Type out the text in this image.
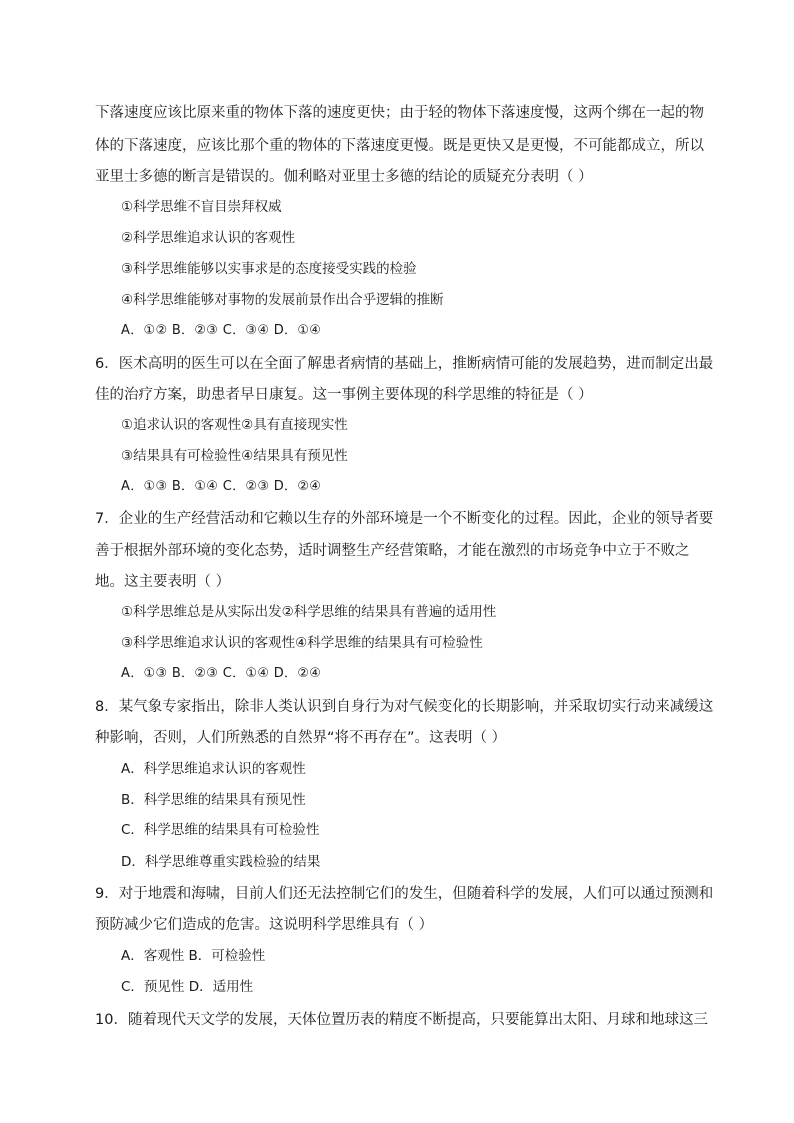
下落速度应该比原来重的物体下落的速度更快；由于轻的物体下落速度慢，这两个绑在一起的物
体的下落速度，应该比那个重的物体的下落速度更慢。既是更快又是更慢，不可能都成立，所以
亚里士多德的断言是错误的。伽利略对亚里士多德的结论的质疑充分表明（ ）
①科学思维不盲目崇拜权威
②科学思维追求认识的客观性
③科学思维能够以实事求是的态度接受实践的检验
④科学思维能够对事物的发展前景作出合乎逻辑的推断
A．①② B．②③ C．③④ D．①④
6．医术高明的医生可以在全面了解患者病情的基础上，推断病情可能的发展趋势，进而制定出最
佳的治疗方案，助患者早日康复。这一事例主要体现的科学思维的特征是（ ）
①追求认识的客观性②具有直接现实性
③结果具有可检验性④结果具有预见性
A．①③ B．①④ C．②③ D．②④
7．企业的生产经营活动和它赖以生存的外部环境是一个不断变化的过程。因此，企业的领导者要
善于根据外部环境的变化态势，适时调整生产经营策略，才能在激烈的市场竞争中立于不败之
地。这主要表明（ ）
①科学思维总是从实际出发②科学思维的结果具有普遍的适用性
③科学思维追求认识的客观性④科学思维的结果具有可检验性
A．①③ B．②③ C．①④ D．②④
8．某气象专家指出，除非人类认识到自身行为对气候变化的长期影响，并采取切实行动来减缓这
种影响，否则，人们所熟悉的自然界“将不再存在”。这表明（ ）
A．科学思维追求认识的客观性
B．科学思维的结果具有预见性
C．科学思维的结果具有可检验性
D．科学思维尊重实践检验的结果
9．对于地震和海啸，目前人们还无法控制它们的发生，但随着科学的发展，人们可以通过预测和
预防减少它们造成的危害。这说明科学思维具有（ ）
A．客观性 B．可检验性
C．预见性 D．适用性
10．随着现代天文学的发展，天体位置历表的精度不断提高，只要能算出太阳、月球和地球这三
